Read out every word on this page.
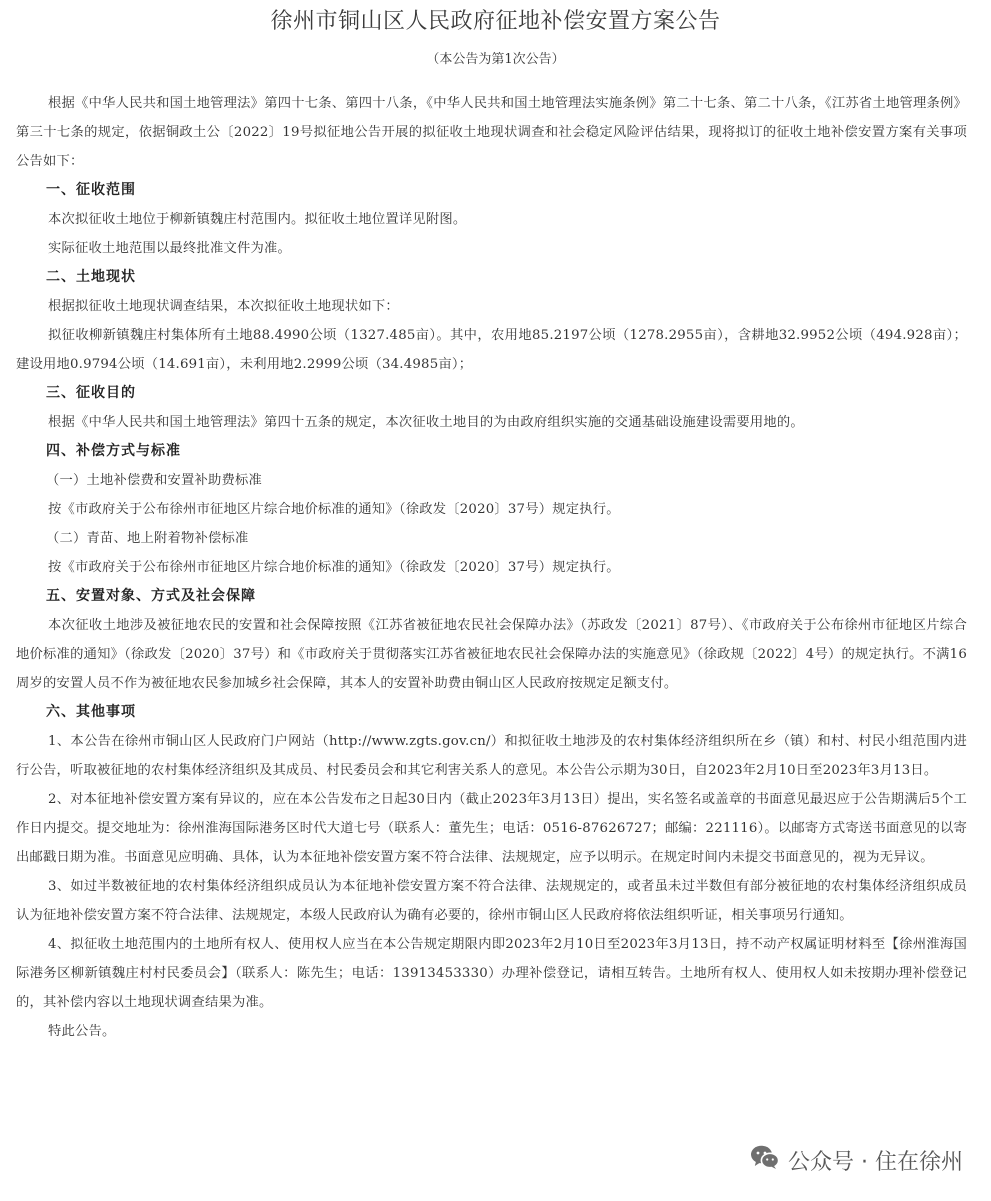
徐州市铜山区人民政府征地补偿安置方案公告
（本公告为第1次公告）

根据《中华人民共和国土地管理法》第四十七条、第四十八条，《中华人民共和国土地管理法实施条例》第二十七条、第二十八条，《江苏省土地管理条例》第三十七条的规定，依据铜政土公〔2022〕19号拟征地公告开展的拟征收土地现状调查和社会稳定风险评估结果，现将拟订的征收土地补偿安置方案有关事项公告如下：

一、征收范围

本次拟征收土地位于柳新镇魏庄村范围内。拟征收土地位置详见附图。

实际征收土地范围以最终批准文件为准。

二、土地现状

根据拟征收土地现状调查结果，本次拟征收土地现状如下：

拟征收柳新镇魏庄村集体所有土地88.4990公顷（1327.485亩）。其中，农用地85.2197公顷（1278.2955亩），含耕地32.9952公顷（494.928亩）；建设用地0.9794公顷（14.691亩），未利用地2.2999公顷（34.4985亩）；

三、征收目的

根据《中华人民共和国土地管理法》第四十五条的规定，本次征收土地目的为由政府组织实施的交通基础设施建设需要用地的。

四、补偿方式与标准

（一）土地补偿费和安置补助费标准

按《市政府关于公布徐州市征地区片综合地价标准的通知》（徐政发〔2020〕37号）规定执行。

（二）青苗、地上附着物补偿标准

按《市政府关于公布徐州市征地区片综合地价标准的通知》（徐政发〔2020〕37号）规定执行。

五、安置对象、方式及社会保障

本次征收土地涉及被征地农民的安置和社会保障按照《江苏省被征地农民社会保障办法》（苏政发〔2021〕87号）、《市政府关于公布徐州市征地区片综合地价标准的通知》（徐政发〔2020〕37号）和《市政府关于贯彻落实江苏省被征地农民社会保障办法的实施意见》（徐政规〔2022〕4号）的规定执行。不满16周岁的安置人员不作为被征地农民参加城乡社会保障，其本人的安置补助费由铜山区人民政府按规定足额支付。

六、其他事项

1、本公告在徐州市铜山区人民政府门户网站（http://www.zgts.gov.cn/）和拟征收土地涉及的农村集体经济组织所在乡（镇）和村、村民小组范围内进行公告，听取被征地的农村集体经济组织及其成员、村民委员会和其它利害关系人的意见。本公告公示期为30日，自2023年2月10日至2023年3月13日。

2、对本征地补偿安置方案有异议的，应在本公告发布之日起30日内（截止2023年3月13日）提出，实名签名或盖章的书面意见最迟应于公告期满后5个工作日内提交。提交地址为：徐州淮海国际港务区时代大道七号（联系人：董先生；电话：0516-87626727；邮编：221116）。以邮寄方式寄送书面意见的以寄出邮戳日期为准。书面意见应明确、具体，认为本征地补偿安置方案不符合法律、法规规定，应予以明示。在规定时间内未提交书面意见的，视为无异议。

3、如过半数被征地的农村集体经济组织成员认为本征地补偿安置方案不符合法律、法规规定的，或者虽未过半数但有部分被征地的农村集体经济组织成员认为征地补偿安置方案不符合法律、法规规定，本级人民政府认为确有必要的，徐州市铜山区人民政府将依法组织听证，相关事项另行通知。

4、拟征收土地范围内的土地所有权人、使用权人应当在本公告规定期限内即2023年2月10日至2023年3月13日，持不动产权属证明材料至【徐州淮海国际港务区柳新镇魏庄村村民委员会】（联系人：陈先生；电话：13913453330）办理补偿登记，请相互转告。土地所有权人、使用权人如未按期办理补偿登记的，其补偿内容以土地现状调查结果为准。

特此公告。

公众号 · 住在徐州
